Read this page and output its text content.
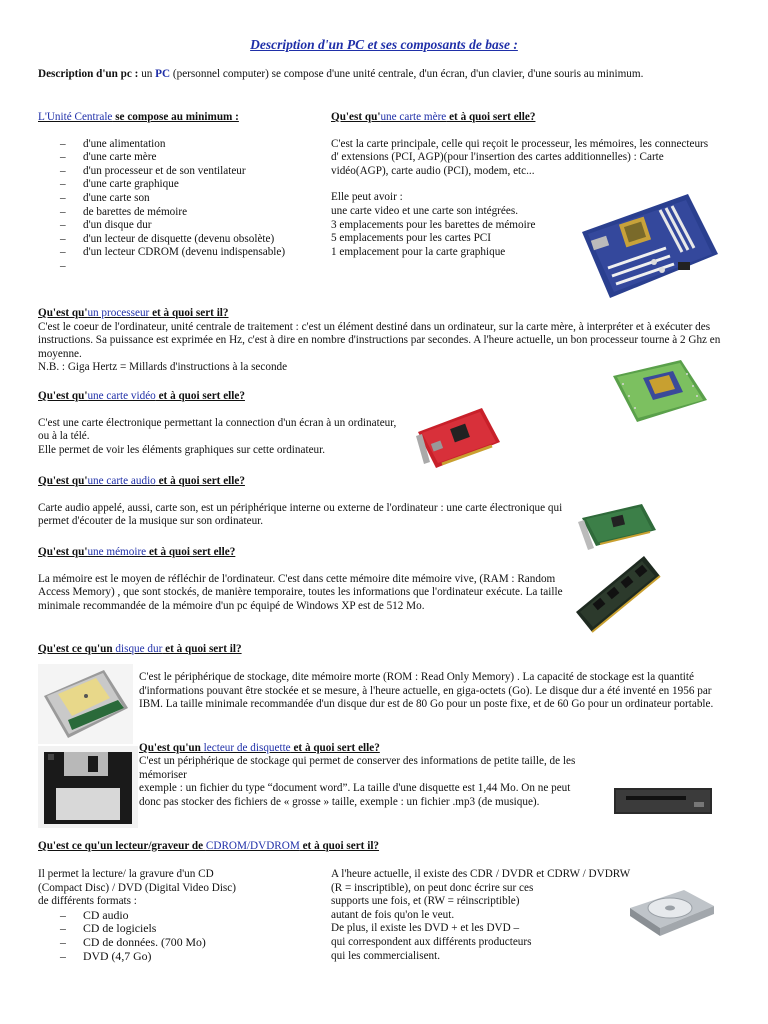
Description d'un PC et ses composants de base :
Description d'un pc : un PC (personnel computer) se compose d'une unité centrale, d'un écran, d'un clavier, d'une souris au minimum.
L'Unité Centrale se compose au minimum :
– d'une alimentation
– d'une carte mère
– d'un processeur et de son ventilateur
– d'une carte graphique
– d'une carte son
– de barettes de mémoire
– d'un disque dur
– d'un lecteur de disquette (devenu obsolète)
– d'un lecteur CDROM (devenu indispensable)
–
Qu'est qu'une carte mère et à quoi sert elle?

C'est la carte principale, celle qui reçoit le processeur, les mémoires, les connecteurs d' extensions (PCI, AGP)(pour l'insertion des cartes additionnelles) : Carte vidéo(AGP), carte audio (PCI), modem, etc...

Elle peut avoir :
une carte video et une carte son intégrées.
3 emplacements pour les barettes de mémoire
5 emplacements pour les cartes PCI
1 emplacement pour la carte graphique
Qu'est qu'un processeur et à quoi sert il?

C'est le coeur de l'ordinateur, unité centrale de traitement : c'est un élément destiné dans un ordinateur, sur la carte mère, à interpréter et à exécuter des instructions. Sa puissance est exprimée en Hz, c'est à dire en nombre d'instructions par secondes. A l'heure actuelle, un bon processeur tourne à 2 Ghz en moyenne.

N.B. : Giga Hertz = Millards d'instructions à la seconde

Qu'est qu'une carte vidéo et à quoi sert elle?

C'est une carte électronique permettant la connection d'un écran à un ordinateur, ou à la télé.

Elle permet de voir les éléments graphiques sur cette ordinateur.

Qu'est qu'une carte audio et à quoi sert elle?

Carte audio appelé, aussi, carte son, est un périphérique interne ou externe de l'ordinateur : une carte électronique qui permet d'écouter de la musique sur son ordinateur.

Qu'est qu'une mémoire et à quoi sert elle?

La mémoire est le moyen de réfléchir de l'ordinateur. C'est dans cette mémoire dite mémoire vive, (RAM : Random Access Memory) , que sont stockés, de manière temporaire, toutes les informations que l'ordinateur exécute. La taille minimale recommandée de la mémoire d'un pc équipé de Windows XP est de 512 Mo.

Qu'est ce qu'un disque dur et à quoi sert il?

C'est le périphérique de stockage, dite mémoire morte (ROM : Read Only Memory) . La capacité de stockage est la quantité d'informations pouvant être stockée et se mesure, à l'heure actuelle, en giga-octets (Go). Le disque dur a été inventé en 1956 par IBM. La taille minimale recommandée d'un disque dur est de 80 Go pour un poste fixe, et de 60 Go pour un ordinateur portable.

Qu'est qu'un lecteur de disquette et à quoi sert elle?

C'est un périphérique de stockage qui permet de conserver des informations de petite taille, de les mémoriser

exemple : un fichier du type “document word”. La taille d'une disquette est 1,44 Mo. On ne peut donc pas stocker des fichiers de « grosse » taille, exemple : un fichier .mp3 (de musique).

Qu'est ce qu'un lecteur/graveur de CDROM/DVDROM et à quoi sert il?
Il permet la lecture/ la gravure d'un CD
(Compact Disc) / DVD (Digital Video Disc)
de différents formats :
– CD audio
– CD de logiciels
– CD de données. (700 Mo)
– DVD (4,7 Go)
A l'heure actuelle, il existe des CDR / DVDR et CDRW / DVDRW
(R = inscriptible), on peut donc écrire sur ces
supports une fois, et (RW = réinscriptible)
autant de fois qu'on le veut.
De plus, il existe les DVD + et les DVD –
qui correspondent aux différents producteurs
qui les commercialisent.
